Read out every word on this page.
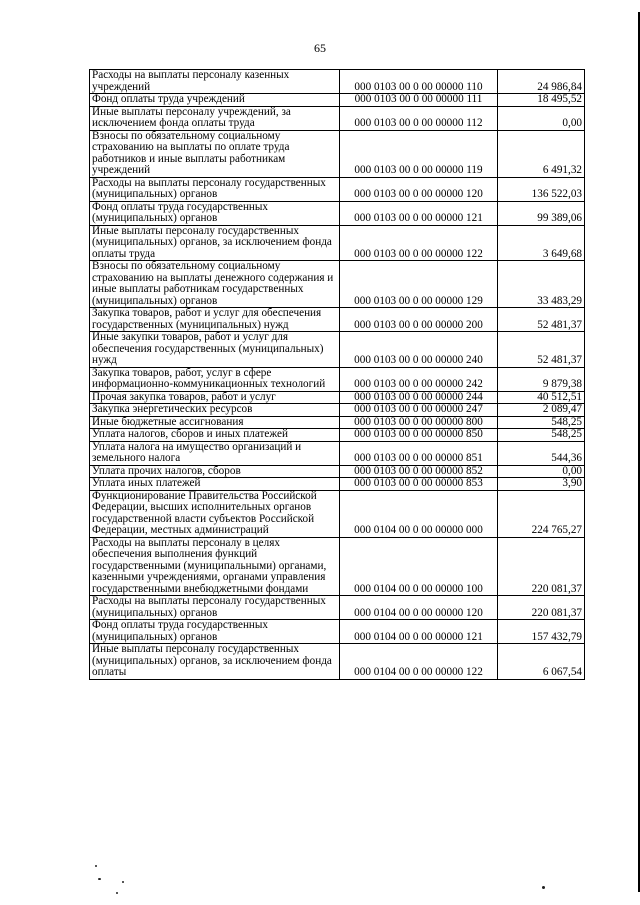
65
Расходы на выплаты персоналу казенных учреждений	000 0103 00 0 00 00000 110	24 986,84
Фонд оплаты труда учреждений	000 0103 00 0 00 00000 111	18 495,52
Иные выплаты персоналу учреждений, за исключением фонда оплаты труда	000 0103 00 0 00 00000 112	0,00
Взносы по обязательному социальному страхованию на выплаты по оплате труда работников и иные выплаты работникам учреждений	000 0103 00 0 00 00000 119	6 491,32
Расходы на выплаты персоналу государственных (муниципальных) органов	000 0103 00 0 00 00000 120	136 522,03
Фонд оплаты труда государственных (муниципальных) органов	000 0103 00 0 00 00000 121	99 389,06
Иные выплаты персоналу государственных (муниципальных) органов, за исключением фонда оплаты труда	000 0103 00 0 00 00000 122	3 649,68
Взносы по обязательному социальному страхованию на выплаты денежного содержания и иные выплаты работникам государственных (муниципальных) органов	000 0103 00 0 00 00000 129	33 483,29
Закупка товаров, работ и услуг для обеспечения государственных (муниципальных) нужд	000 0103 00 0 00 00000 200	52 481,37
Иные закупки товаров, работ и услуг для обеспечения государственных (муниципальных) нужд	000 0103 00 0 00 00000 240	52 481,37
Закупка товаров, работ, услуг в сфере информационно-коммуникационных технологий	000 0103 00 0 00 00000 242	9 879,38
Прочая закупка товаров, работ и услуг	000 0103 00 0 00 00000 244	40 512,51
Закупка энергетических ресурсов	000 0103 00 0 00 00000 247	2 089,47
Иные бюджетные ассигнования	000 0103 00 0 00 00000 800	548,25
Уплата налогов, сборов и иных платежей	000 0103 00 0 00 00000 850	548,25
Уплата налога на имущество организаций и земельного налога	000 0103 00 0 00 00000 851	544,36
Уплата прочих налогов, сборов	000 0103 00 0 00 00000 852	0,00
Уплата иных платежей	000 0103 00 0 00 00000 853	3,90
Функционирование Правительства Российской Федерации, высших исполнительных органов государственной власти субъектов Российской Федерации, местных администраций	000 0104 00 0 00 00000 000	224 765,27
Расходы на выплаты персоналу в целях обеспечения выполнения функций государственными (муниципальными) органами, казенными учреждениями, органами управления государственными внебюджетными фондами	000 0104 00 0 00 00000 100	220 081,37
Расходы на выплаты персоналу государственных (муниципальных) органов	000 0104 00 0 00 00000 120	220 081,37
Фонд оплаты труда государственных (муниципальных) органов	000 0104 00 0 00 00000 121	157 432,79
Иные выплаты персоналу государственных (муниципальных) органов, за исключением фонда оплаты	000 0104 00 0 00 00000 122	6 067,54
